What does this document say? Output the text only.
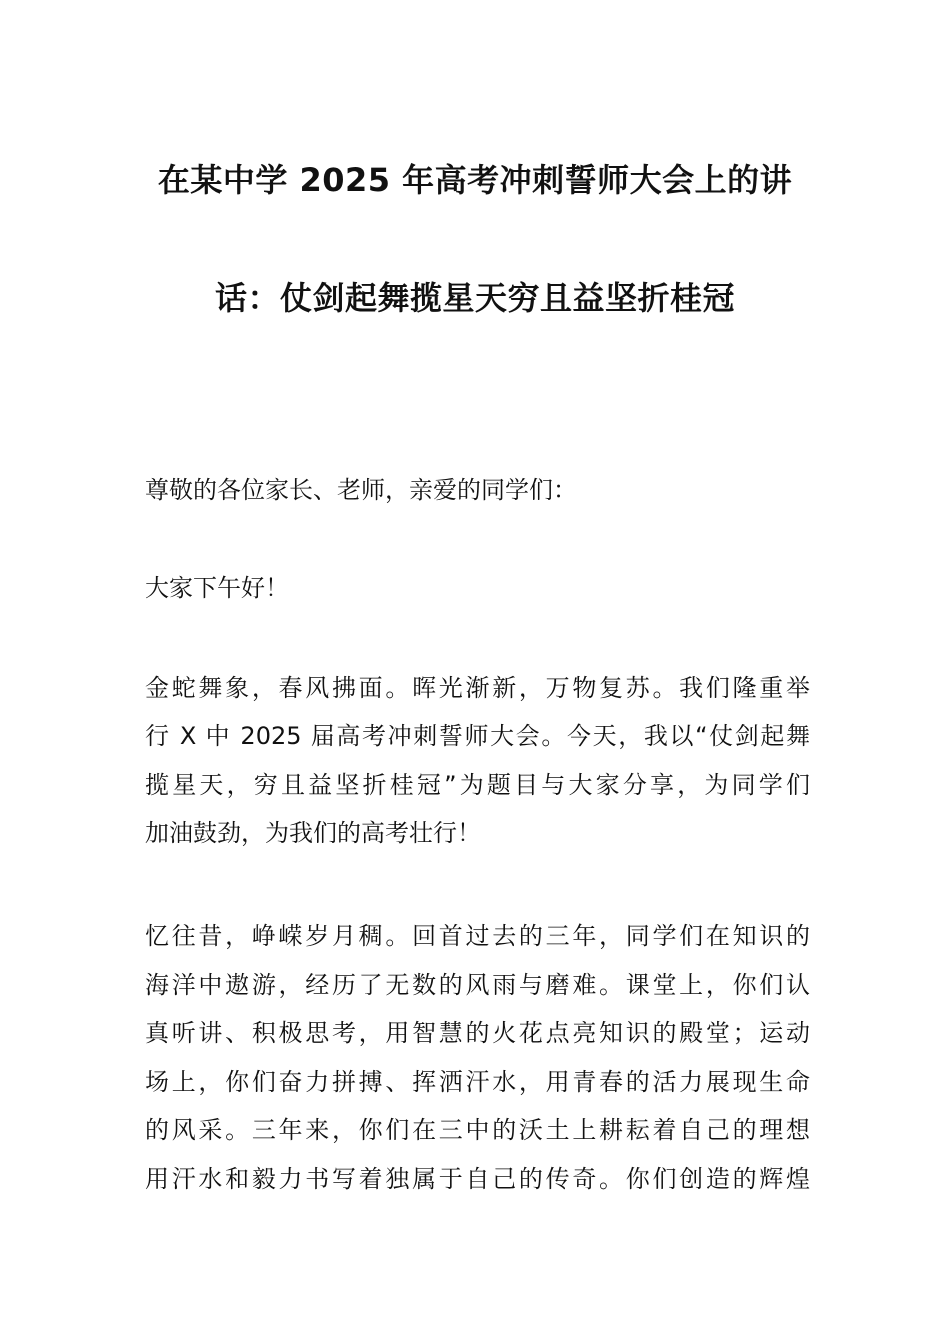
在某中学 2025 年高考冲刺誓师大会上的讲
话：仗剑起舞揽星天穷且益坚折桂冠
尊敬的各位家长、老师，亲爱的同学们：
大家下午好！
金蛇舞象，春风拂面。晖光渐新，万物复苏。我们隆重举
行 X 中 2025 届高考冲刺誓师大会。今天，我以“仗剑起舞
揽星天，穷且益坚折桂冠”为题目与大家分享，为同学们
加油鼓劲，为我们的高考壮行！
忆往昔，峥嵘岁月稠。回首过去的三年，同学们在知识的
海洋中遨游，经历了无数的风雨与磨难。课堂上，你们认
真听讲、积极思考，用智慧的火花点亮知识的殿堂；运动
场上，你们奋力拼搏、挥洒汗水，用青春的活力展现生命
的风采。三年来，你们在三中的沃土上耕耘着自己的理想
用汗水和毅力书写着独属于自己的传奇。你们创造的辉煌
